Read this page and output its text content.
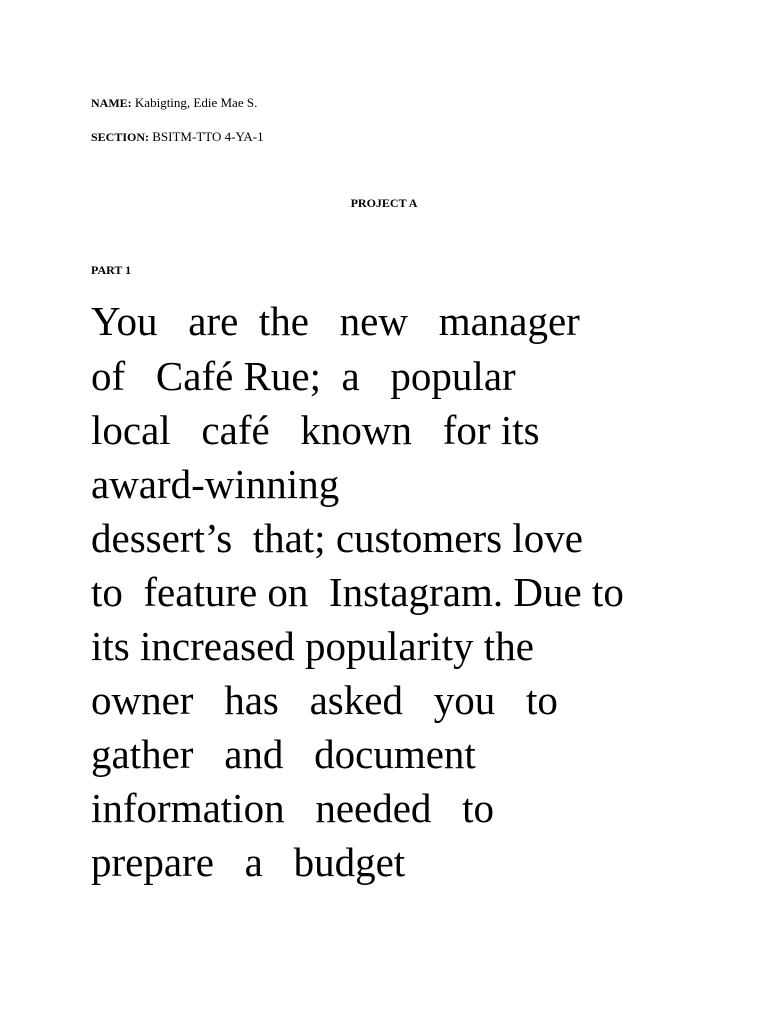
NAME: Kabigting, Edie Mae S.
SECTION: BSITM-TTO 4-YA-1
PROJECT A
PART 1

You   are  the   new   manager

of   Café Rue;  a   popular

local   café   known   for its

award-winning

dessert’s  that; customers love

to  feature on  Instagram. Due to

its increased popularity the

owner   has   asked   you   to

gather   and   document

information   needed   to

prepare   a   budget
